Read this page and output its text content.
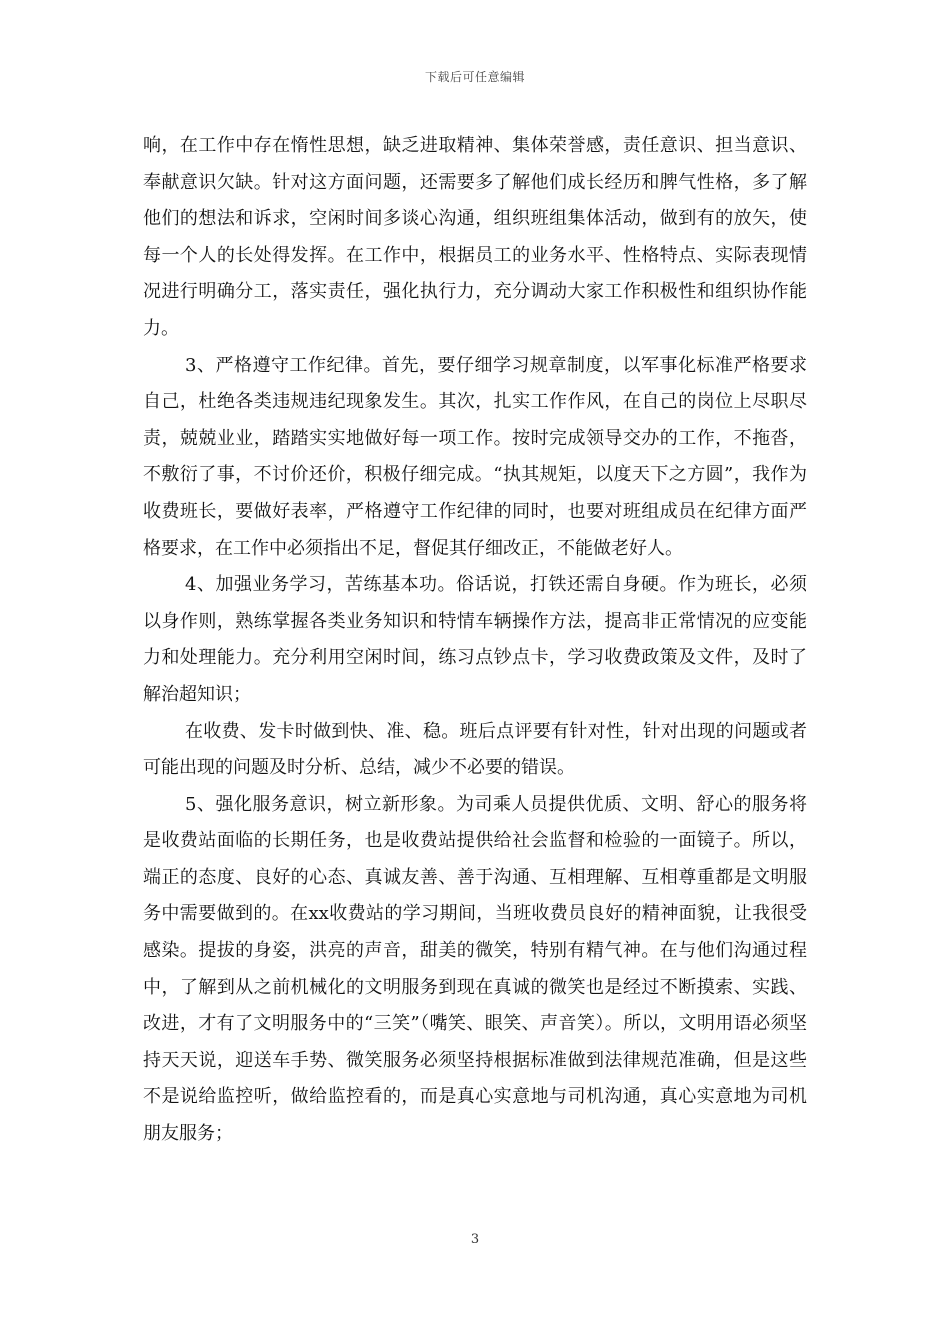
下载后可任意编辑

响，在工作中存在惰性思想，缺乏进取精神、集体荣誉感，责任意识、担当意识、奉献意识欠缺。针对这方面问题，还需要多了解他们成长经历和脾气性格，多了解他们的想法和诉求，空闲时间多谈心沟通，组织班组集体活动，做到有的放矢，使每一个人的长处得发挥。在工作中，根据员工的业务水平、性格特点、实际表现情况进行明确分工，落实责任，强化执行力，充分调动大家工作积极性和组织协作能力。

3、严格遵守工作纪律。首先，要仔细学习规章制度，以军事化标准严格要求自己，杜绝各类违规违纪现象发生。其次，扎实工作作风，在自己的岗位上尽职尽责，兢兢业业，踏踏实实地做好每一项工作。按时完成领导交办的工作，不拖沓，不敷衍了事，不讨价还价，积极仔细完成。“执其规矩，以度天下之方圆”，我作为收费班长，要做好表率，严格遵守工作纪律的同时，也要对班组成员在纪律方面严格要求，在工作中必须指出不足，督促其仔细改正，不能做老好人。

4、加强业务学习，苦练基本功。俗话说，打铁还需自身硬。作为班长，必须以身作则，熟练掌握各类业务知识和特情车辆操作方法，提高非正常情况的应变能力和处理能力。充分利用空闲时间，练习点钞点卡，学习收费政策及文件，及时了解治超知识；

在收费、发卡时做到快、准、稳。班后点评要有针对性，针对出现的问题或者可能出现的问题及时分析、总结，减少不必要的错误。

5、强化服务意识，树立新形象。为司乘人员提供优质、文明、舒心的服务将是收费站面临的长期任务，也是收费站提供给社会监督和检验的一面镜子。所以，端正的态度、良好的心态、真诚友善、善于沟通、互相理解、互相尊重都是文明服务中需要做到的。在xx收费站的学习期间，当班收费员良好的精神面貌，让我很受感染。提拔的身姿，洪亮的声音，甜美的微笑，特别有精气神。在与他们沟通过程中，了解到从之前机械化的文明服务到现在真诚的微笑也是经过不断摸索、实践、改进，才有了文明服务中的“三笑”（嘴笑、眼笑、声音笑）。所以，文明用语必须坚持天天说，迎送车手势、微笑服务必须坚持根据标准做到法律规范准确，但是这些不是说给监控听，做给监控看的，而是真心实意地与司机沟通，真心实意地为司机朋友服务；

3
